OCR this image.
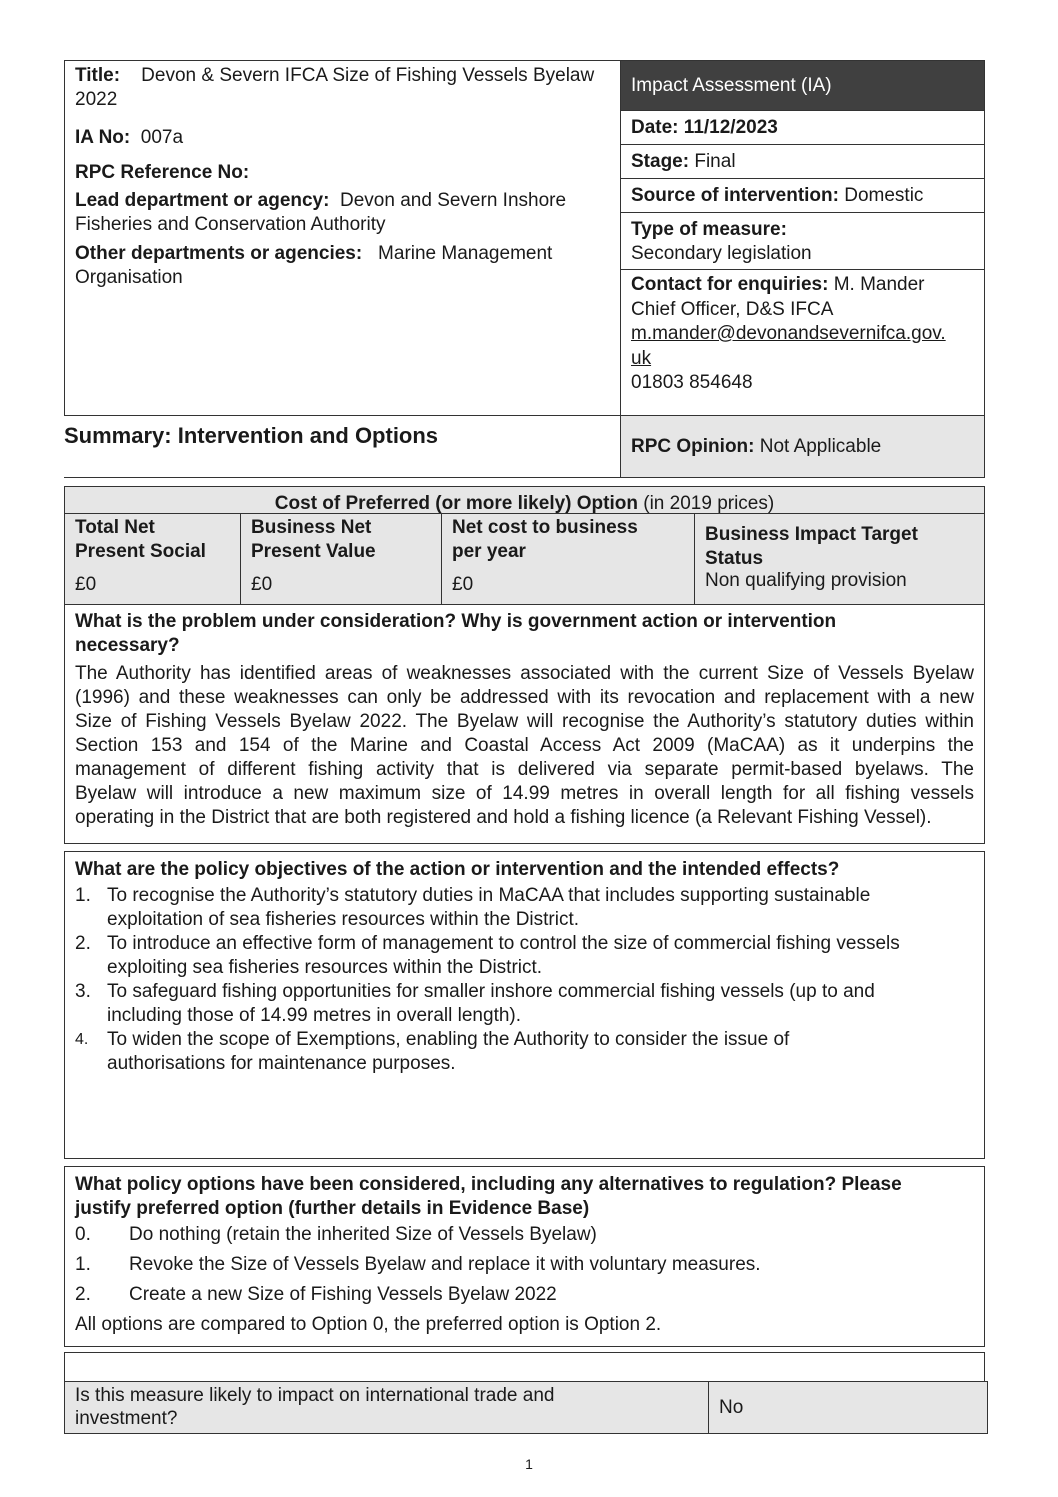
Title: Devon & Severn IFCA Size of Fishing Vessels Byelaw 2022

IA No: 007a

RPC Reference No:

Lead department or agency: Devon and Severn Inshore Fisheries and Conservation Authority

Other departments or agencies: Marine Management Organisation

Impact Assessment (IA)
Date: 11/12/2023
Stage: Final
Source of intervention: Domestic
Type of measure:
Secondary legislation
Contact for enquiries: M. Mander
Chief Officer, D&S IFCA
m.mander@devonandsevernifca.gov.
uk
01803 854648
Summary: Intervention and Options	RPC Opinion: Not Applicable
Cost of Preferred (or more likely) Option (in 2019 prices)
Total Net
Present Social
£0
Business Net
Present Value
£0
Net cost to business
per year
£0
Business Impact Target
Status
Non qualifying provision
What is the problem under consideration? Why is government action or intervention
necessary?
The Authority has identified areas of weaknesses associated with the current Size of Vessels Byelaw
(1996) and these weaknesses can only be addressed with its revocation and replacement with a new
Size of Fishing Vessels Byelaw 2022. The Byelaw will recognise the Authority’s statutory duties within
Section 153 and 154 of the Marine and Coastal Access Act 2009 (MaCAA) as it underpins the
management of different fishing activity that is delivered via separate permit-based byelaws. The
Byelaw will introduce a new maximum size of 14.99 metres in overall length for all fishing vessels
operating in the District that are both registered and hold a fishing licence (a Relevant Fishing Vessel).
What are the policy objectives of the action or intervention and the intended effects?
1. To recognise the Authority’s statutory duties in MaCAA that includes supporting sustainable
exploitation of sea fisheries resources within the District.
2. To introduce an effective form of management to control the size of commercial fishing vessels
exploiting sea fisheries resources within the District.
3. To safeguard fishing opportunities for smaller inshore commercial fishing vessels (up to and
including those of 14.99 metres in overall length).
4. To widen the scope of Exemptions, enabling the Authority to consider the issue of
authorisations for maintenance purposes.
What policy options have been considered, including any alternatives to regulation? Please
justify preferred option (further details in Evidence Base)
0. Do nothing (retain the inherited Size of Vessels Byelaw)
1. Revoke the Size of Vessels Byelaw and replace it with voluntary measures.
2. Create a new Size of Fishing Vessels Byelaw 2022
All options are compared to Option 0, the preferred option is Option 2.
Is this measure likely to impact on international trade and
investment?
No
1
